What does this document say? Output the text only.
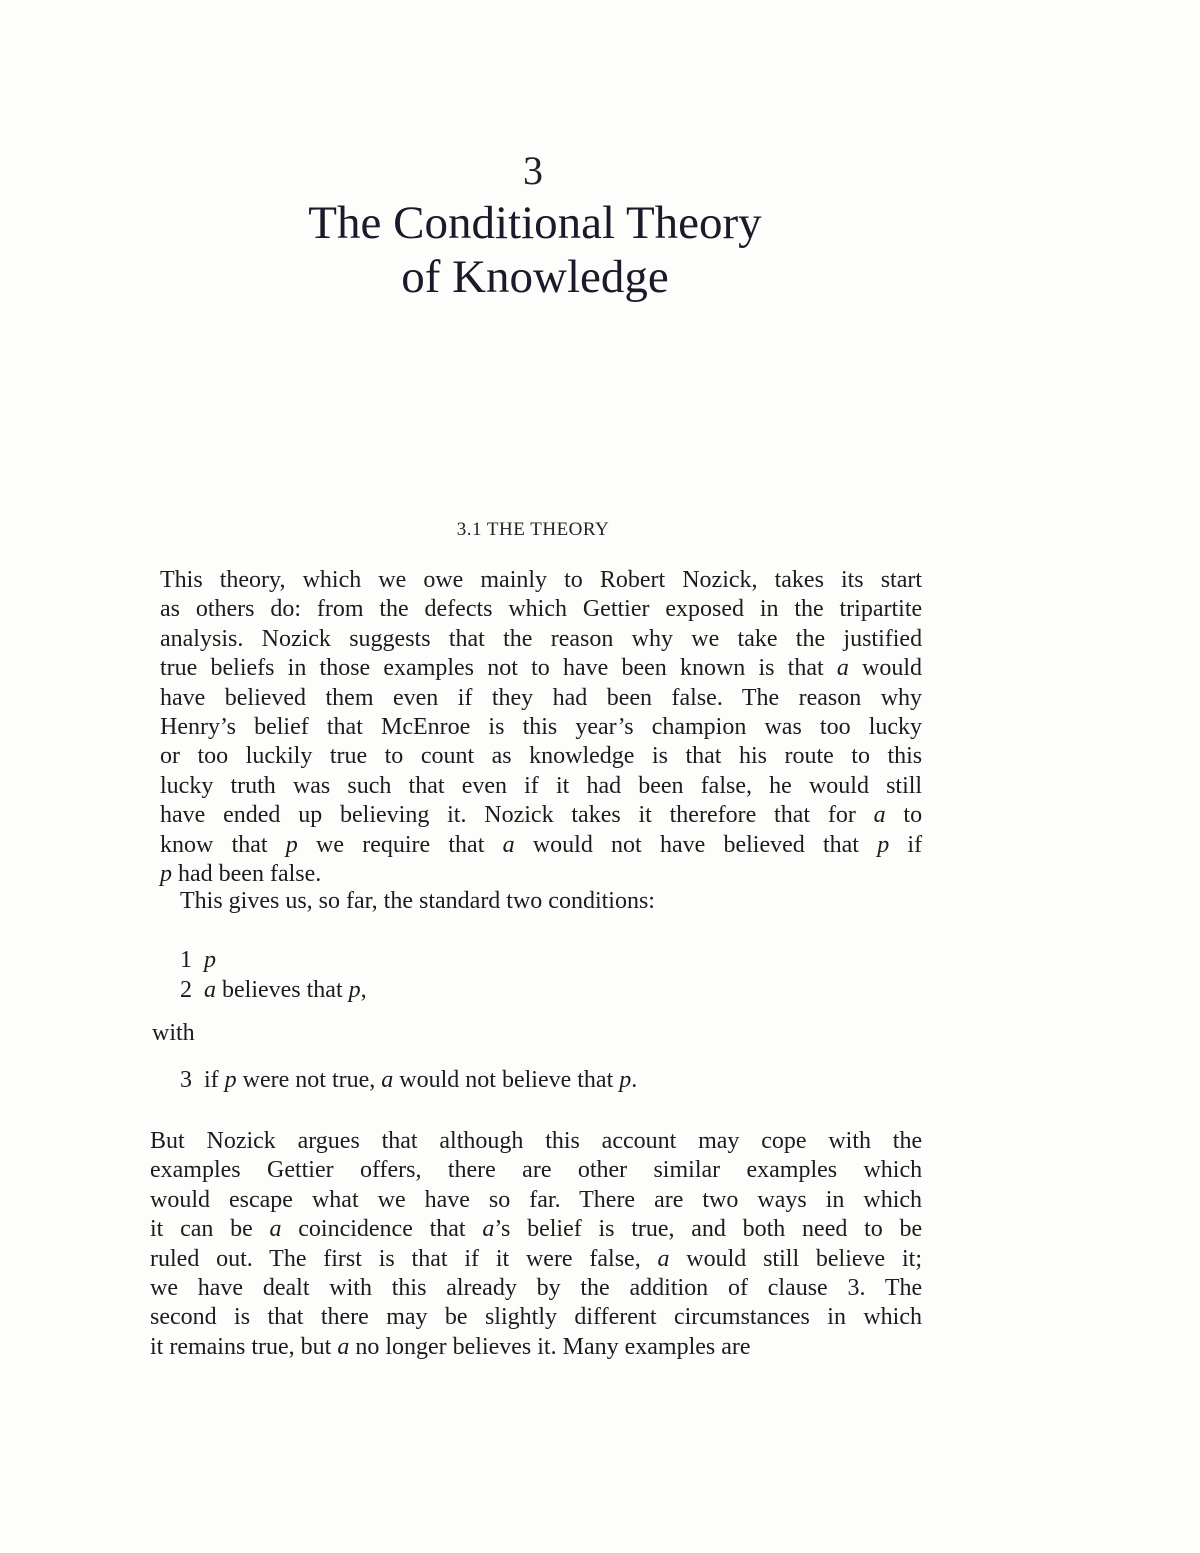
3
The Conditional Theory
of Knowledge
3.1 THE THEORY
This theory, which we owe mainly to Robert Nozick, takes its start
as others do: from the defects which Gettier exposed in the tripartite
analysis. Nozick suggests that the reason why we take the justified
true beliefs in those examples not to have been known is that a would
have believed them even if they had been false. The reason why
Henry’s belief that McEnroe is this year’s champion was too lucky
or too luckily true to count as knowledge is that his route to this
lucky truth was such that even if it had been false, he would still
have ended up believing it. Nozick takes it therefore that for a to
know that p we require that a would not have believed that p if
p had been false.
This gives us, so far, the standard two conditions:
1 p
2 a believes that p,
with
3 if p were not true, a would not believe that p.
But Nozick argues that although this account may cope with the
examples Gettier offers, there are other similar examples which
would escape what we have so far. There are two ways in which
it can be a coincidence that a’s belief is true, and both need to be
ruled out. The first is that if it were false, a would still believe it;
we have dealt with this already by the addition of clause 3. The
second is that there may be slightly different circumstances in which
it remains true, but a no longer believes it. Many examples are
